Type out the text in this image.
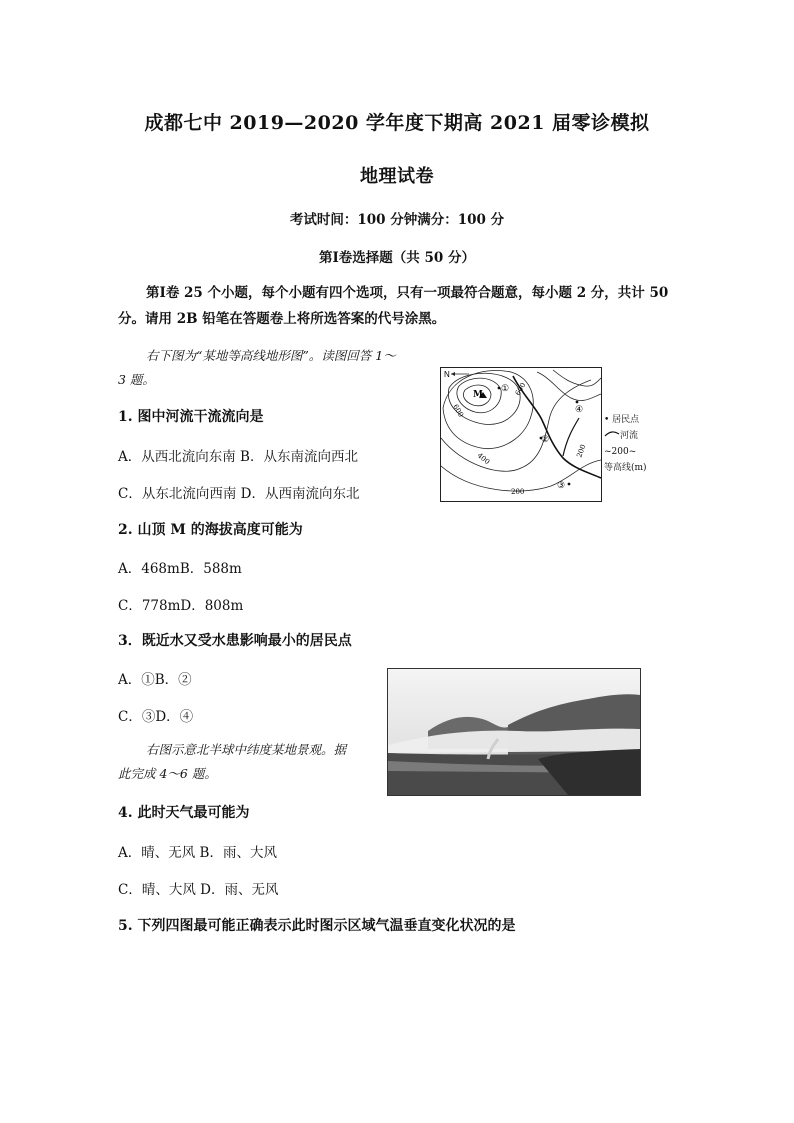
成都七中 2019—2020 学年度下期高 2021 届零诊模拟
地理试卷
考试时间：100 分钟满分：100 分
第Ⅰ卷选择题（共 50 分）
第Ⅰ卷 25 个小题，每个小题有四个选项，只有一项最符合题意，每小题 2 分，共计 50
分。请用 2B 铅笔在答题卷上将所选答案的代号涂黑。
右下图为“某地等高线地形图”。读图回答 1～
3 题。	N
M
600
600
400
200
200
①
②
③
④
• 居民点
河流
~200~
等高线(m)
1. 图中河流干流流向是
A．从西北流向东南 B．从东南流向西北
C．从东北流向西南 D．从西南流向东北
2. 山顶 M 的海拔高度可能为
A．468mB．588m
C．778mD．808m
3．既近水又受水患影响最小的居民点
A．①B．②
C．③D．④
右图示意北半球中纬度某地景观。据
此完成 4～6 题。
4. 此时天气最可能为
A．晴、无风 B．雨、大风
C．晴、大风 D．雨、无风
5. 下列四图最可能正确表示此时图示区域气温垂直变化状况的是
